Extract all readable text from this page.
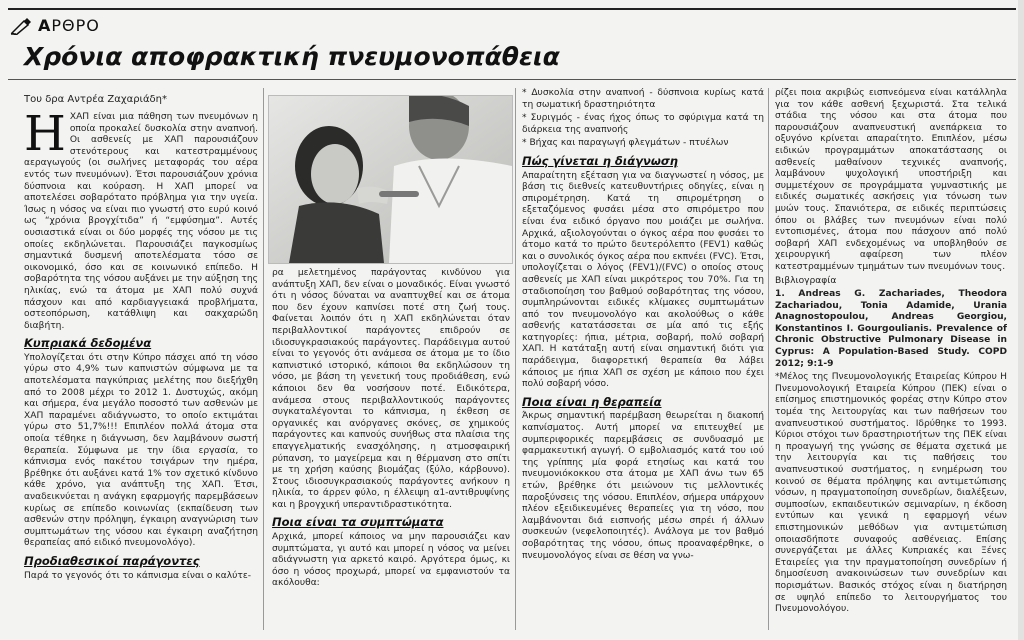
ΑΡΘΡΟ
Χρόνια αποφρακτική πνευμονοπάθεια
Του δρα Αντρέα Ζαχαριάδη*
Η ΧΑΠ είναι μια πάθηση των πνευμόνων η οποία προκαλεί δυσκολία στην αναπνοή. Οι ασθενείς με ΧΑΠ παρουσιάζουν στενότερους και κατεστραμμένους αεραγωγούς (οι σωλήνες μεταφοράς του αέρα εντός των πνευμόνων). Έτσι παρουσιάζουν χρόνια δύσπνοια και κούραση. Η ΧΑΠ μπορεί να αποτελέσει σοβαρότατο πρόβλημα για την υγεία. Ίσως η νόσος να είναι πιο γνωστή στο ευρύ κοινό ως “χρόνια βρογχίτιδα” ή “εμφύσημα”. Αυτές ουσιαστικά είναι οι δύο μορφές της νόσου με τις οποίες εκδηλώνεται. Παρουσιάζει παγκοσμίως σημαντικά δυσμενή αποτελέσματα τόσο σε οικονομικό, όσο και σε κοινωνικό επίπεδο. Η σοβαρότητα της νόσου αυξάνει με την αύξηση της ηλικίας, ενώ τα άτομα με ΧΑΠ πολύ συχνά πάσχουν και από καρδιαγγειακά προβλήματα, οστεοπόρωση, κατάθλιψη και σακχαρώδη διαβήτη.

Κυπριακά δεδομένα

Υπολογίζεται ότι στην Κύπρο πάσχει από τη νόσο γύρω στο 4,9% των καπνιστών σύμφωνα με τα αποτελέσματα παγκύπριας μελέτης που διεξήχθη από το 2008 μέχρι το 2012 1. Δυστυχώς, ακόμη και σήμερα, ένα μεγάλο ποσοστό των ασθενών με ΧΑΠ παραμένει αδιάγνωστο, το οποίο εκτιμάται γύρω στο 51,7%!!! Επιπλέον πολλά άτομα στα οποία τέθηκε η διάγνωση, δεν λαμβάνουν σωστή θεραπεία. Σύμφωνα με την ίδια εργασία, το κάπνισμα ενός πακέτου τσιγάρων την ημέρα, βρέθηκε ότι αυξάνει κατά 1% τον σχετικό κίνδυνο κάθε χρόνο, για ανάπτυξη της ΧΑΠ. Έτσι, αναδεικνύεται η ανάγκη εφαρμογής παρεμβάσεων κυρίως σε επίπεδο κοινωνίας (εκπαίδευση των ασθενών στην πρόληψη, έγκαιρη αναγνώριση των συμπτωμάτων της νόσου και έγκαιρη αναζήτηση θεραπείας από ειδικό πνευμονολόγο).

Προδιαθεσικοί παράγοντες

Παρά το γεγονός ότι το κάπνισμα είναι ο καλύτε-

ρα μελετημένος παράγοντας κινδύνου για ανάπτυξη ΧΑΠ, δεν είναι ο μοναδικός. Είναι γνωστό ότι η νόσος δύναται να αναπτυχθεί και σε άτομα που δεν έχουν καπνίσει ποτέ στη ζωή τους. Φαίνεται λοιπόν ότι η ΧΑΠ εκδηλώνεται όταν περιβαλλοντικοί παράγοντες επιδρούν σε ιδιοσυγκρασιακούς παράγοντες. Παράδειγμα αυτού είναι το γεγονός ότι ανάμεσα σε άτομα με το ίδιο καπνιστικό ιστορικό, κάποιοι θα εκδηλώσουν τη νόσο, με βάση τη γενετική τους προδιάθεση, ενώ κάποιοι δεν θα νοσήσουν ποτέ. Ειδικότερα, ανάμεσα στους περιβαλλοντικούς παράγοντες συγκαταλέγονται το κάπνισμα, η έκθεση σε οργανικές και ανόργανες σκόνες, σε χημικούς παράγοντες και καπνούς συνήθως στα πλαίσια της επαγγελματικής ενασχόλησης, η ατμοσφαιρική ρύπανση, το μαγείρεμα και η θέρμανση στο σπίτι με τη χρήση καύσης βιομάζας (ξύλο, κάρβουνο). Στους ιδιοσυγκρασιακούς παράγοντες ανήκουν η ηλικία, το άρρεν φύλο, η έλλειψη α1-αντιθρυψίνης και η βρογχική υπεραντιδραστικότητα.

Ποια είναι τα συμπτώματα

Αρχικά, μπορεί κάποιος να μην παρουσιάζει καν συμπτώματα, γι αυτό και μπορεί η νόσος να μείνει αδιάγνωστη για αρκετό καιρό. Αργότερα όμως, κι όσο η νόσος προχωρά, μπορεί να εμφανιστούν τα ακόλουθα:

* Δυσκολία στην αναπνοή - δύσπνοια κυρίως κατά τη σωματική δραστηριότητα

* Συριγμός - ένας ήχος όπως το σφύριγμα κατά τη διάρκεια της αναπνοής

* Βήχας και παραγωγή φλεγμάτων - πτυέλων

Πώς γίνεται η διάγνωση

Απαραίτητη εξέταση για να διαγνωστεί η νόσος, με βάση τις διεθνείς κατευθυντήριες οδηγίες, είναι η σπιρομέτρηση. Κατά τη σπιρομέτρηση ο εξεταζόμενος φυσάει μέσα στο σπιρόμετρο που είναι ένα ειδικό όργανο που μοιάζει με σωλήνα. Αρχικά, αξιολογούνται ο όγκος αέρα που φυσάει το άτομο κατά το πρώτο δευτερόλεπτο (FEV1) καθώς και ο συνολικός όγκος αέρα που εκπνέει (FVC). Έτσι, υπολογίζεται ο λόγος (FEV1)/(FVC) ο οποίος στους ασθενείς με ΧΑΠ είναι μικρότερος του 70%. Για τη σταδιοποίηση του βαθμού σοβαρότητας της νόσου, συμπληρώνονται ειδικές κλίμακες συμπτωμάτων από τον πνευμονολόγο και ακολούθως ο κάθε ασθενής κατατάσσεται σε μία από τις εξής κατηγορίες: ήπια, μέτρια, σοβαρή, πολύ σοβαρή ΧΑΠ. Η κατάταξη αυτή είναι σημαντική διότι για παράδειγμα, διαφορετική θεραπεία θα λάβει κάποιος με ήπια ΧΑΠ σε σχέση με κάποιο που έχει πολύ σοβαρή νόσο.

Ποια είναι η θεραπεία

Άκρως σημαντική παρέμβαση θεωρείται η διακοπή καπνίσματος. Αυτή μπορεί να επιτευχθεί με συμπεριφορικές παρεμβάσεις σε συνδυασμό με φαρμακευτική αγωγή. Ο εμβολιασμός κατά του ιού της γρίππης μία φορά ετησίως και κατά του πνευμονιόκοκκου στα άτομα με ΧΑΠ άνω των 65 ετών, βρέθηκε ότι μειώνουν τις μελλοντικές παροξύνσεις της νόσου. Επιπλέον, σήμερα υπάρχουν πλέον εξειδικευμένες θεραπείες για τη νόσο, που λαμβάνονται διά εισπνοής μέσω σπρέι ή άλλων συσκευών (νεφελοποιητές). Ανάλογα με τον βαθμό σοβαρότητας της νόσου, όπως προαναφέρθηκε, ο πνευμονολόγος είναι σε θέση να γνω-

ρίζει ποια ακριβώς εισπνεόμενα είναι κατάλληλα για τον κάθε ασθενή ξεχωριστά. Στα τελικά στάδια της νόσου και στα άτομα που παρουσιάζουν αναπνευστική ανεπάρκεια το οξυγόνο κρίνεται απαραίτητο. Επιπλέον, μέσω ειδικών προγραμμάτων αποκατάστασης οι ασθενείς μαθαίνουν τεχνικές αναπνοής, λαμβάνουν ψυχολογική υποστήριξη και συμμετέχουν σε προγράμματα γυμναστικής με ειδικές σωματικές ασκήσεις για τόνωση των μυών τους. Σπανιότερα, σε ειδικές περιπτώσεις όπου οι βλάβες των πνευμόνων είναι πολύ εντοπισμένες, άτομα που πάσχουν από πολύ σοβαρή ΧΑΠ ενδεχομένως να υποβληθούν σε χειρουργική αφαίρεση των πλέον κατεστραμμένων τμημάτων των πνευμόνων τους.

Βιβλιογραφία

1. Andreas G. Zachariades, Theodora Zachariadou, Tonia Adamide, Urania Anagnostopoulou, Andreas Georgiou, Konstantinos I. Gourgoulianis. Prevalence of Chronic Obstructive Pulmonary Disease in Cyprus: A Population-Based Study. COPD 2012; 9:1-9

*Μέλος της Πνευμονολογικής Εταιρείας Κύπρου Η Πνευμονολογική Εταιρεία Κύπρου (ΠΕΚ) είναι ο επίσημος επιστημονικός φορέας στην Κύπρο στον τομέα της λειτουργίας και των παθήσεων του αναπνευστικού συστήματος. Ιδρύθηκε το 1993. Κύριοι στόχοι των δραστηριοτήτων της ΠΕΚ είναι η προαγωγή της γνώσης σε θέματα σχετικά με την λειτουργία και τις παθήσεις του αναπνευστικού συστήματος, η ενημέρωση του κοινού σε θέματα πρόληψης και αντιμετώπισης νόσων, η πραγματοποίηση συνεδρίων, διαλέξεων, συμποσίων, εκπαιδευτικών σεμιναρίων, η έκδοση εντύπων και γενικά η εφαρμογή νέων επιστημονικών μεθόδων για αντιμετώπιση οποιασδήποτε συναφούς ασθένειας. Επίσης συνεργάζεται με άλλες Κυπριακές και Ξένες Εταιρείες για την πραγματοποίηση συνεδρίων ή δημοσίευση ανακοινώσεων των συνεδρίων και πορισμάτων. Βασικός στόχος είναι η διατήρηση σε υψηλό επίπεδο το λειτουργήματος του Πνευμονολόγου.
